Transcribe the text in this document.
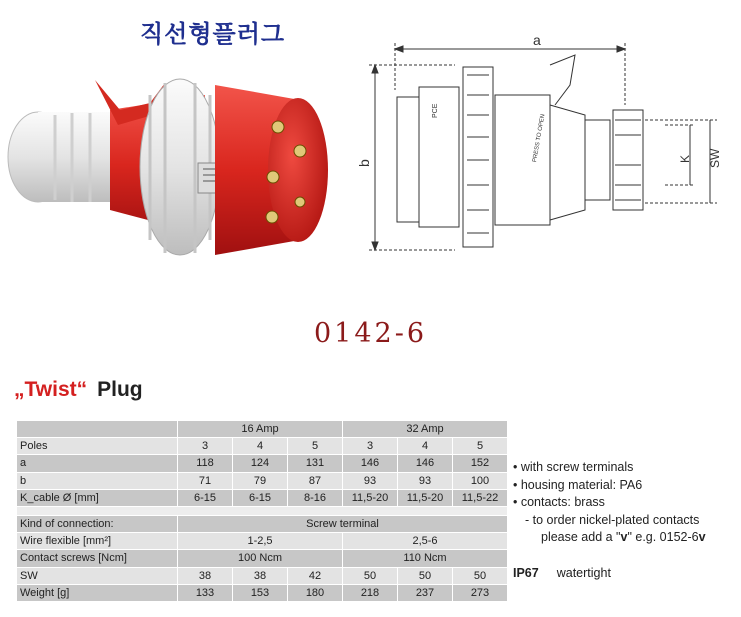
직선형플러그	a
b
K SW
PRESS TO OPEN
PCE
0142-6
„Twist“ Plug
	16 Amp			32 Amp		
Poles	3	4	5	3	4	5
a	118	124	131	146	146	152
b	71	79	87	93	93	100
K_cable Ø [mm]	6-15	6-15	8-16	11,5-20	11,5-20	11,5-22

Kind of connection:	Screw terminal					
Wire flexible [mm²]	1-2,5			2,5-6		
Contact screws [Ncm]	100 Ncm			110 Ncm		
SW	38	38	42	50	50	50
Weight [g]	133	153	180	218	237	273
• with screw terminals
• housing material: PA6
• contacts: brass
- to order nickel-plated contacts
please add a "v" e.g. 0152-6v
IP67 watertight
